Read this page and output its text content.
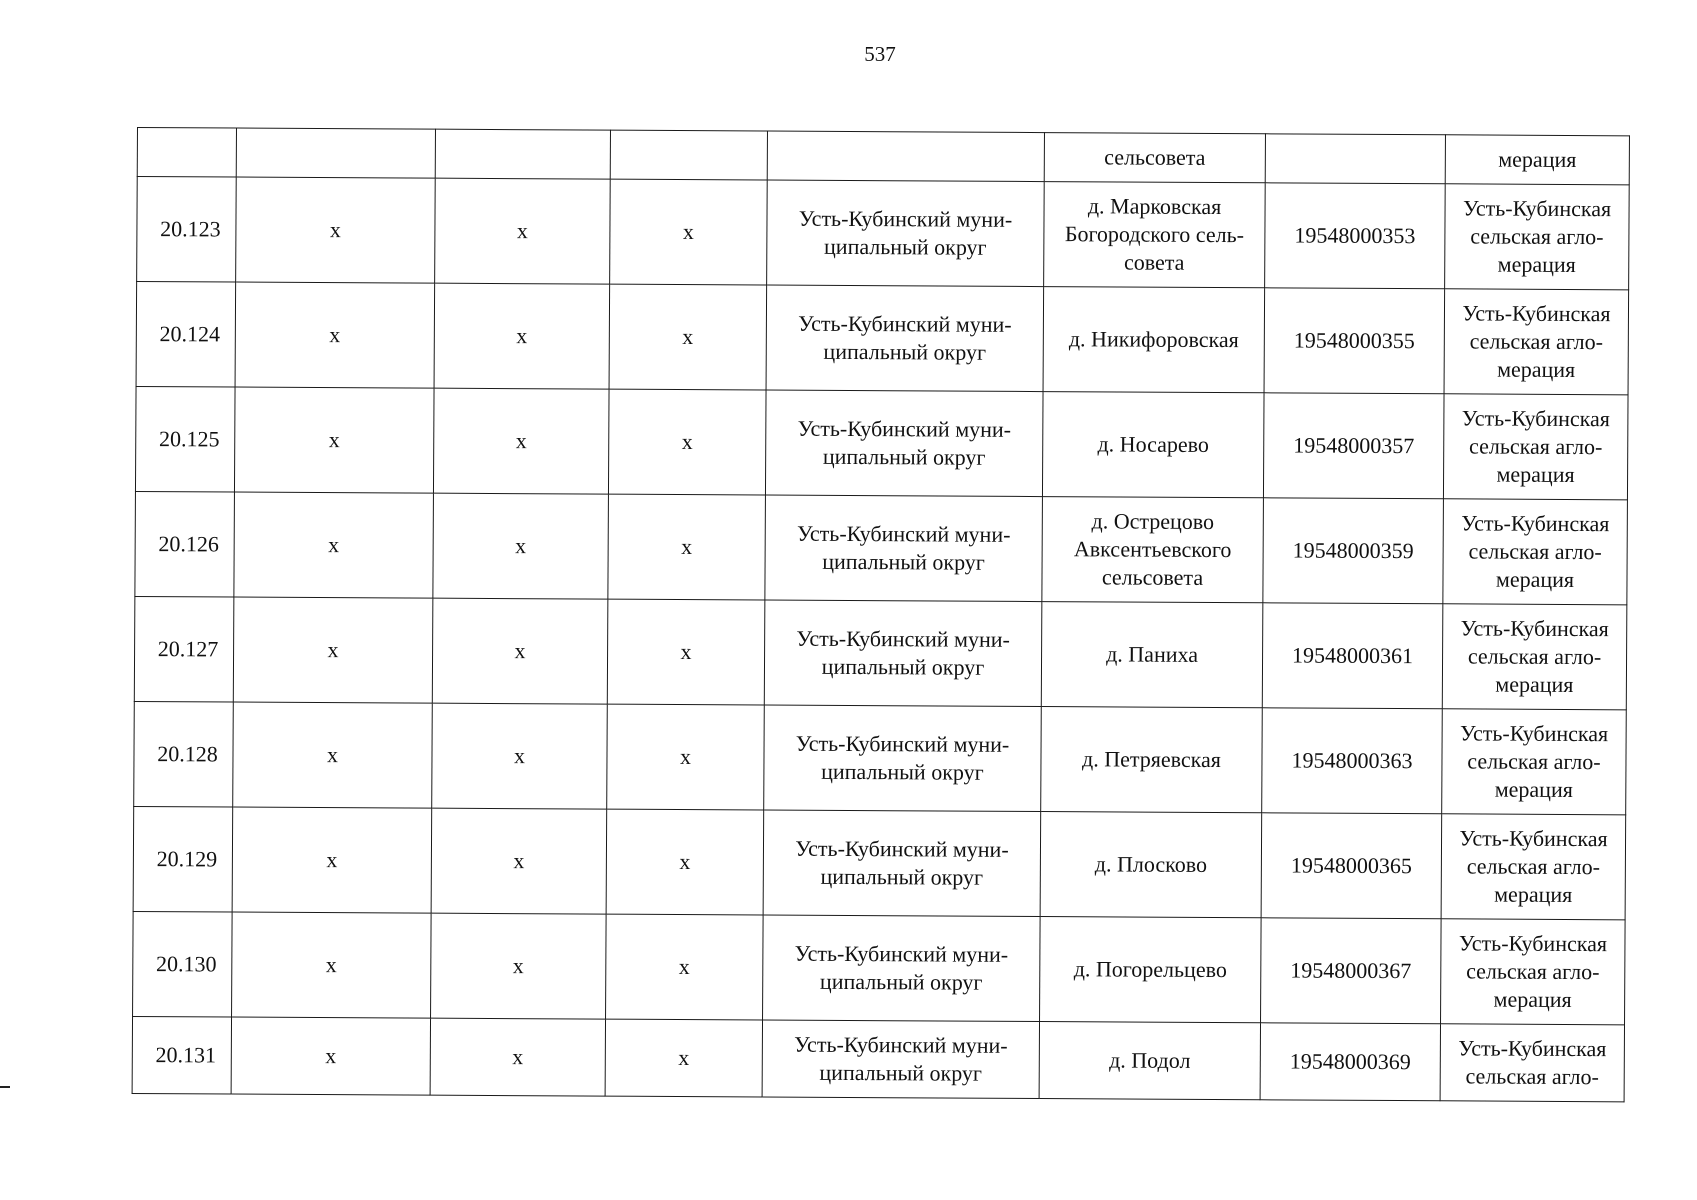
537
					сельсовета		мерация

20.123	х	х	х	Усть-Кубинский муни-
ципальный округ	д. Марковская
Богородского сель-
совета	19548000353	Усть-Кубинская
сельская агло-
мерация

20.124	х	х	х	Усть-Кубинский муни-
ципальный округ	д. Никифоровская	19548000355	Усть-Кубинская
сельская агло-
мерация

20.125	х	х	х	Усть-Кубинский муни-
ципальный округ	д. Носарево	19548000357	Усть-Кубинская
сельская агло-
мерация

20.126	х	х	х	Усть-Кубинский муни-
ципальный округ	д. Острецово
Авксентьевского
сельсовета	19548000359	Усть-Кубинская
сельская агло-
мерация

20.127	х	х	х	Усть-Кубинский муни-
ципальный округ	д. Паниха	19548000361	Усть-Кубинская
сельская агло-
мерация

20.128	х	х	х	Усть-Кубинский муни-
ципальный округ	д. Петряевская	19548000363	Усть-Кубинская
сельская агло-
мерация

20.129	х	х	х	Усть-Кубинский муни-
ципальный округ	д. Плосково	19548000365	Усть-Кубинская
сельская агло-
мерация

20.130	х	х	х	Усть-Кубинский муни-
ципальный округ	д. Погорельцево	19548000367	Усть-Кубинская
сельская агло-
мерация

20.131	х	х	х	Усть-Кубинский муни-
ципальный округ	д. Подол	19548000369	Усть-Кубинская
сельская агло-
